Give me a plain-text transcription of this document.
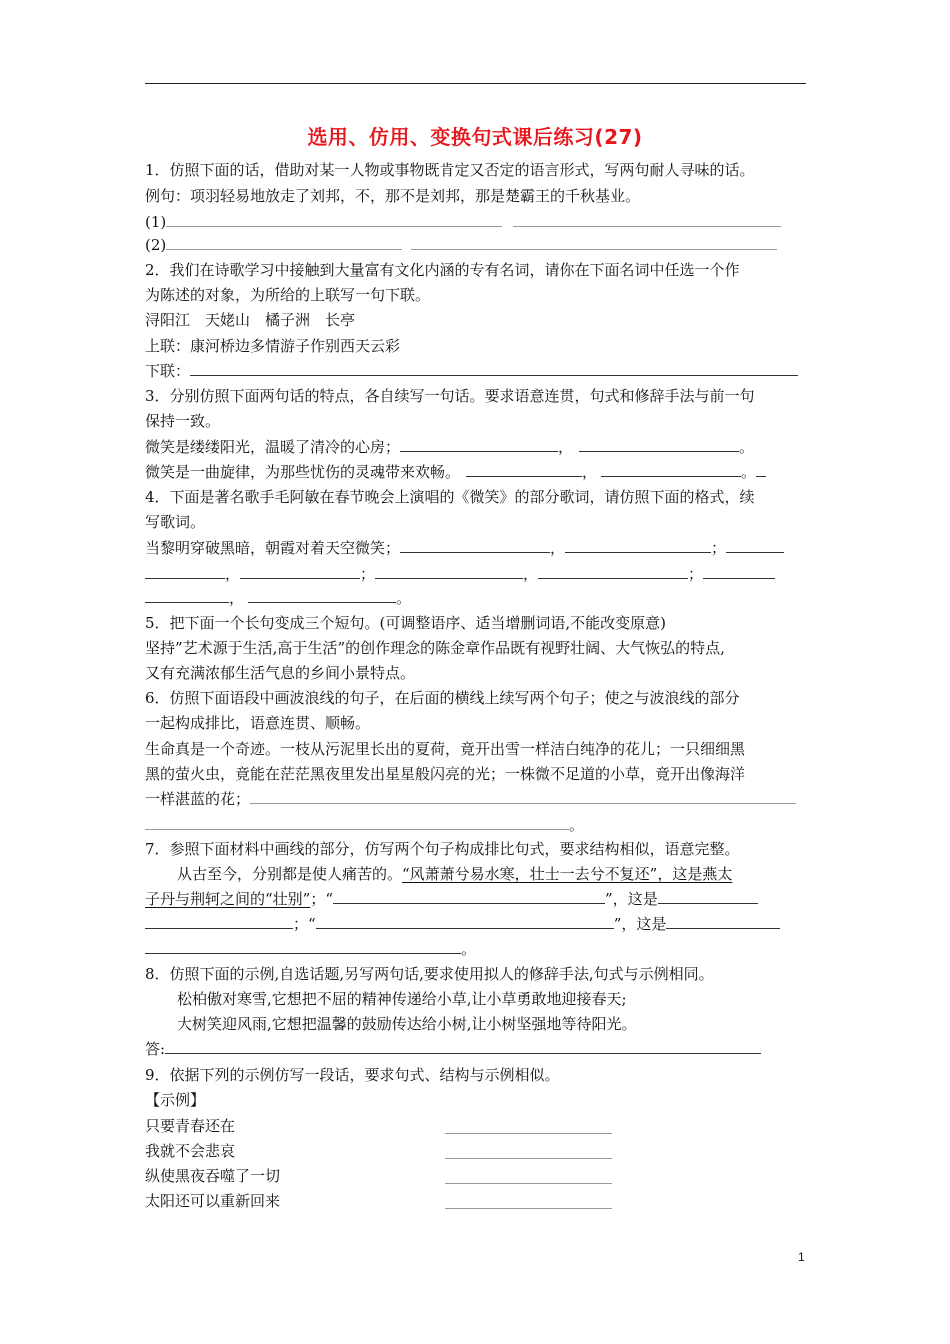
选用、仿用、变换句式课后练习(27)
1．仿照下面的话，借助对某一人物或事物既肯定又否定的语言形式，写两句耐人寻味的话。
例句：项羽轻易地放走了刘邦，不，那不是刘邦，那是楚霸王的千秋基业。
(1)
(2)
2．我们在诗歌学习中接触到大量富有文化内涵的专有名词，请你在下面名词中任选一个作
为陈述的对象，为所给的上联写一句下联。
浔阳江　天姥山　橘子洲　长亭
上联：康河桥边多情游子作别西天云彩
下联：
3．分别仿照下面两句话的特点，各自续写一句话。要求语意连贯，句式和修辞手法与前一句
保持一致。
微笑是缕缕阳光，温暖了清冷的心房；	，	。
微笑是一曲旋律，为那些忧伤的灵魂带来欢畅。	，	。
4．下面是著名歌手毛阿敏在春节晚会上演唱的《微笑》的部分歌词，请仿照下面的格式，续
写歌词。
当黎明穿破黑暗，朝霞对着天空微笑；	，	；
，	；	，	；
，	。
5．把下面一个长句变成三个短句。(可调整语序、适当增删词语,不能改变原意)
坚持”艺术源于生活,高于生活”的创作理念的陈金章作品既有视野壮阔、大气恢弘的特点,
又有充满浓郁生活气息的乡间小景特点。
6．仿照下面语段中画波浪线的句子，在后面的横线上续写两个句子；使之与波浪线的部分
一起构成排比，语意连贯、顺畅。
生命真是一个奇迹。一枝从污泥里长出的夏荷，竟开出雪一样洁白纯净的花儿；一只细细黑
黑的萤火虫，竟能在茫茫黑夜里发出星星般闪亮的光；一株微不足道的小草，竟开出像海洋
一样湛蓝的花；
。
7．参照下面材料中画线的部分，仿写两个句子构成排比句式，要求结构相似，语意完整。
从古至今，分别都是使人痛苦的。“风萧萧兮易水寒，壮士一去兮不复还”，这是燕太
子丹与荆轲之间的“壮别”；“	”，这是
；“	”，这是
。
8．仿照下面的示例,自选话题,另写两句话,要求使用拟人的修辞手法,句式与示例相同。
松柏傲对寒雪,它想把不屈的精神传递给小草,让小草勇敢地迎接春天;
大树笑迎风雨,它想把温馨的鼓励传达给小树,让小树坚强地等待阳光。
答:
9．依据下列的示例仿写一段话，要求句式、结构与示例相似。
【示例】
只要青春还在
我就不会悲哀
纵使黑夜吞噬了一切
太阳还可以重新回来
1
